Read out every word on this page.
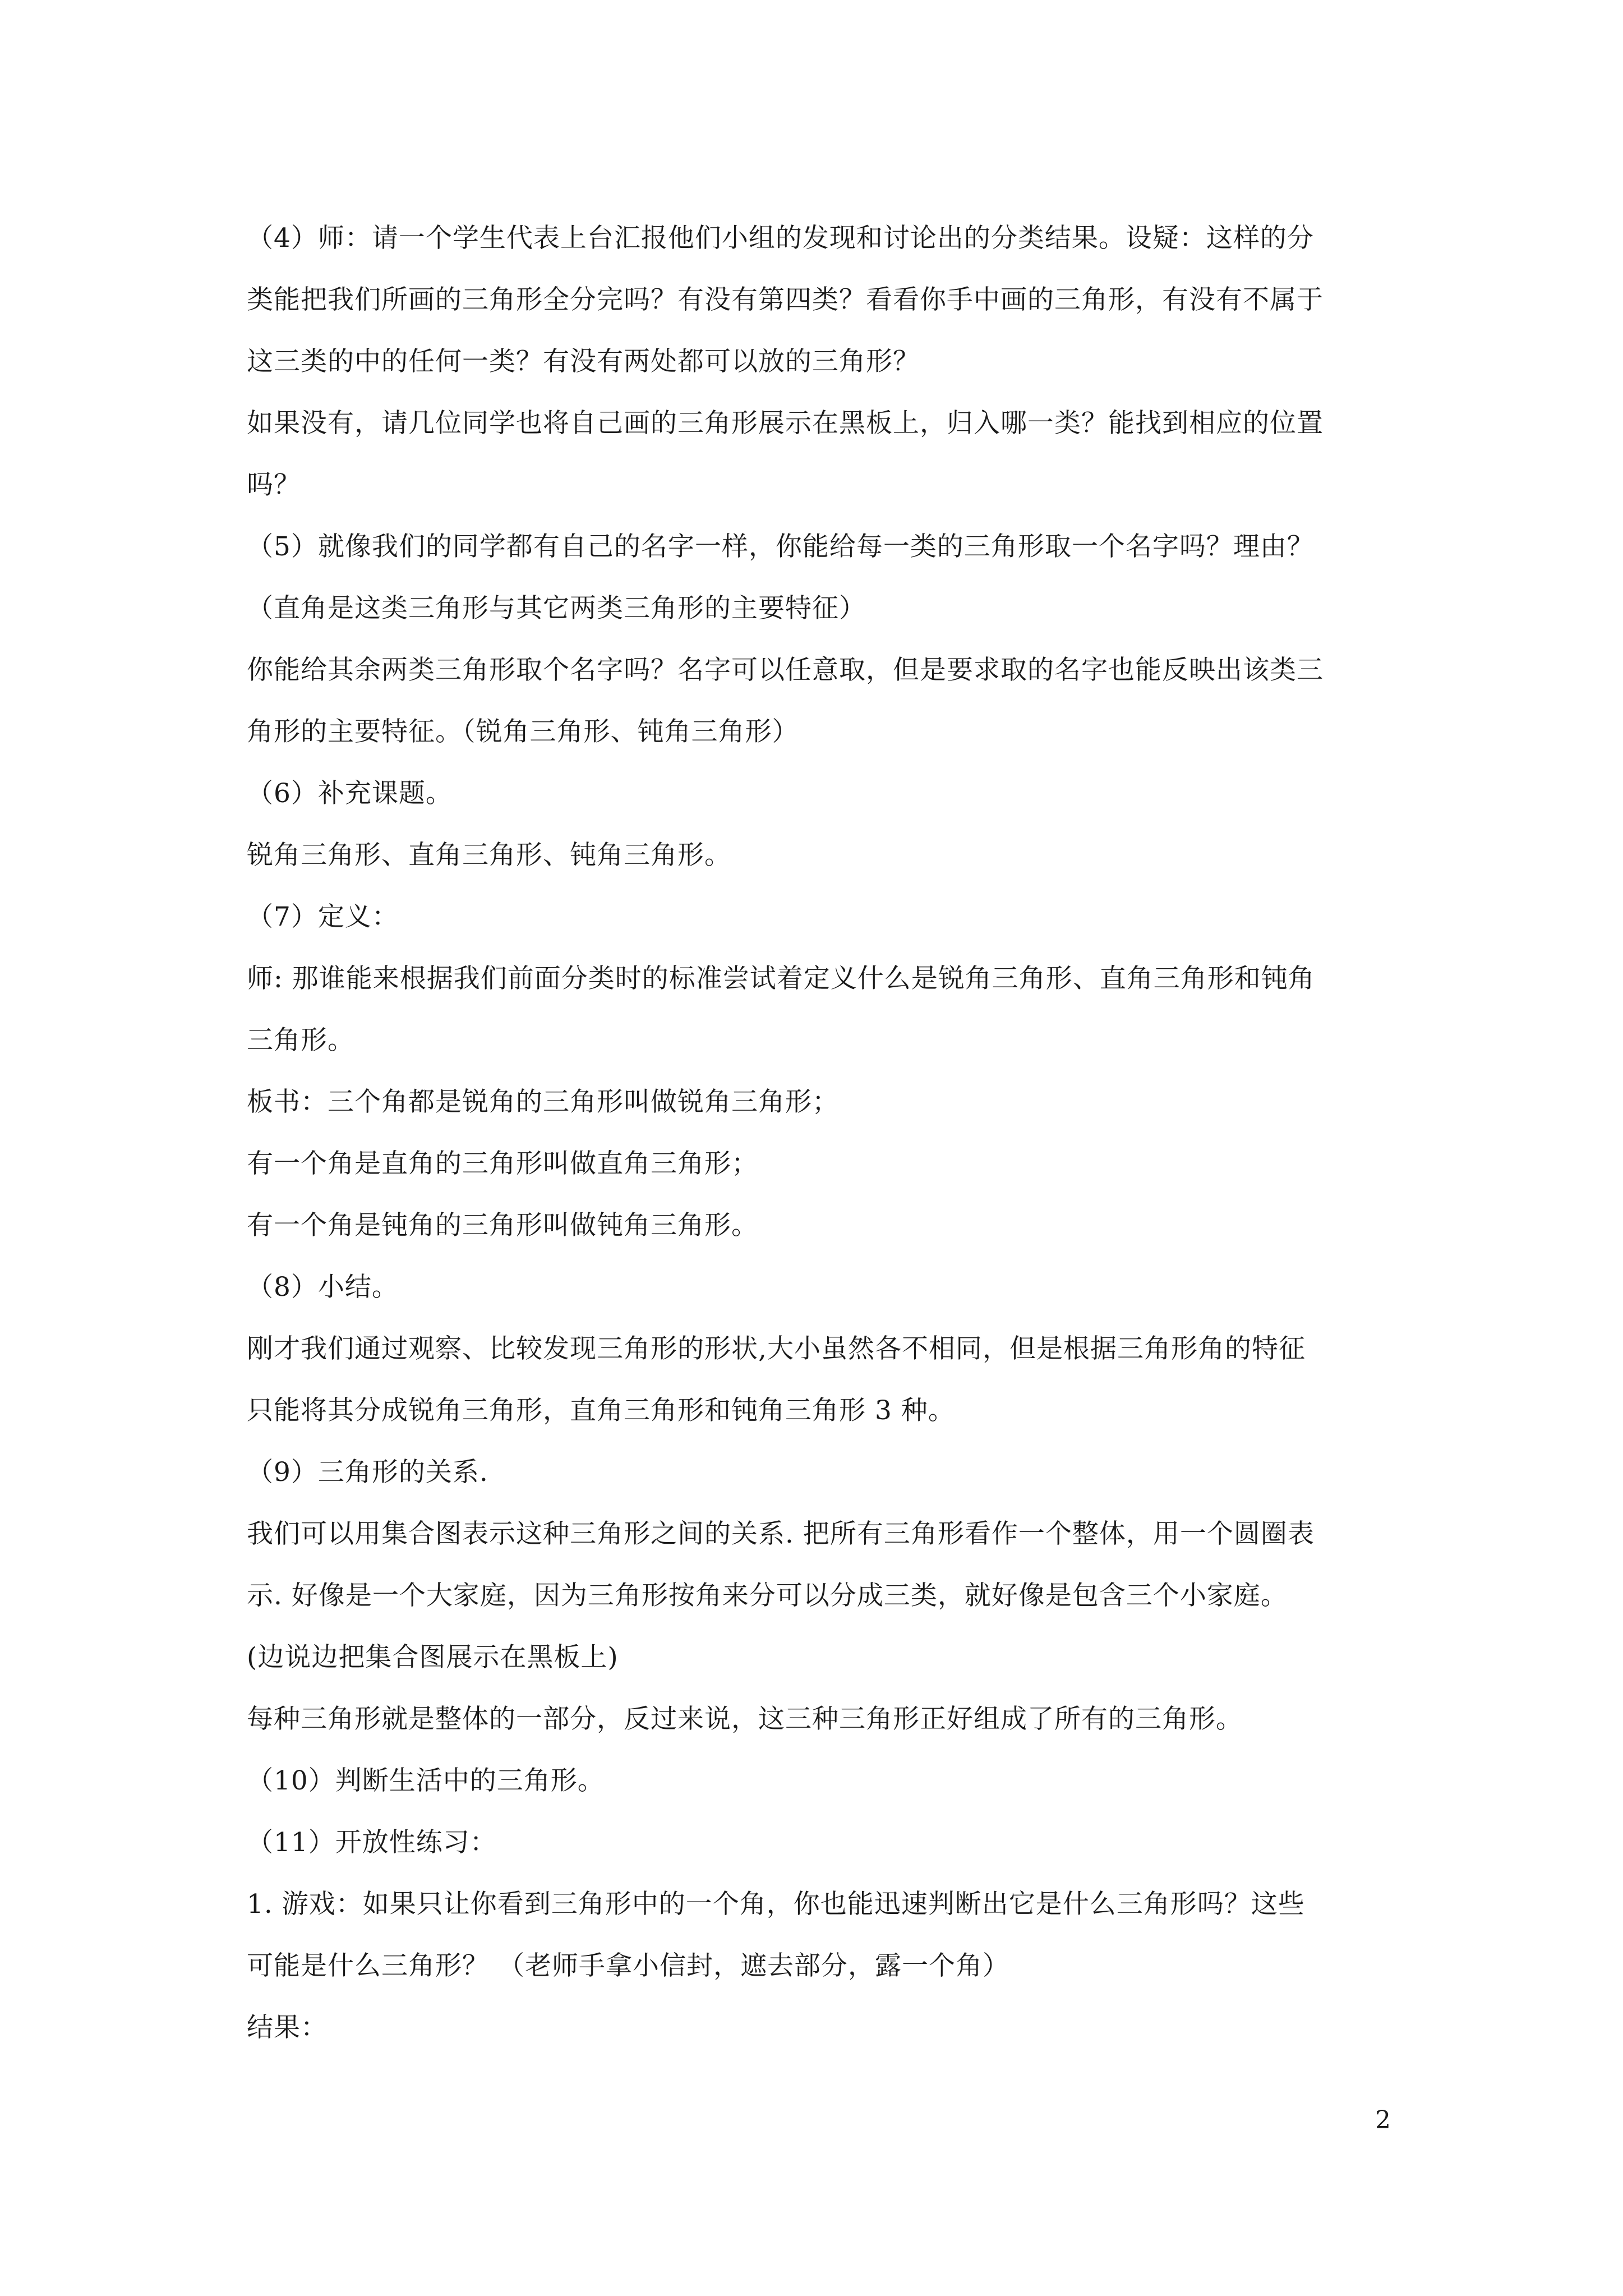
（4）师：请一个学生代表上台汇报他们小组的发现和讨论出的分类结果。设疑：这样的分
类能把我们所画的三角形全分完吗？有没有第四类？看看你手中画的三角形，有没有不属于
这三类的中的任何一类？有没有两处都可以放的三角形？
如果没有，请几位同学也将自己画的三角形展示在黑板上，归入哪一类？能找到相应的位置
吗？
（5）就像我们的同学都有自己的名字一样，你能给每一类的三角形取一个名字吗？理由？
（直角是这类三角形与其它两类三角形的主要特征）
你能给其余两类三角形取个名字吗？名字可以任意取，但是要求取的名字也能反映出该类三
角形的主要特征。（锐角三角形、钝角三角形）
（6）补充课题。
锐角三角形、直角三角形、钝角三角形。
（7）定义：
师: 那谁能来根据我们前面分类时的标准尝试着定义什么是锐角三角形、直角三角形和钝角
三角形。
板书：三个角都是锐角的三角形叫做锐角三角形；
有一个角是直角的三角形叫做直角三角形；
有一个角是钝角的三角形叫做钝角三角形。
（8）小结。
刚才我们通过观察、比较发现三角形的形状,大小虽然各不相同，但是根据三角形角的特征
只能将其分成锐角三角形，直角三角形和钝角三角形 3 种。
（9）三角形的关系.
我们可以用集合图表示这种三角形之间的关系. 把所有三角形看作一个整体，用一个圆圈表
示. 好像是一个大家庭，因为三角形按角来分可以分成三类，就好像是包含三个小家庭。
(边说边把集合图展示在黑板上)
每种三角形就是整体的一部分，反过来说，这三种三角形正好组成了所有的三角形。
（10）判断生活中的三角形。
（11）开放性练习：
1. 游戏：如果只让你看到三角形中的一个角，你也能迅速判断出它是什么三角形吗？这些
可能是什么三角形？ （老师手拿小信封，遮去部分，露一个角）
结果：
2
